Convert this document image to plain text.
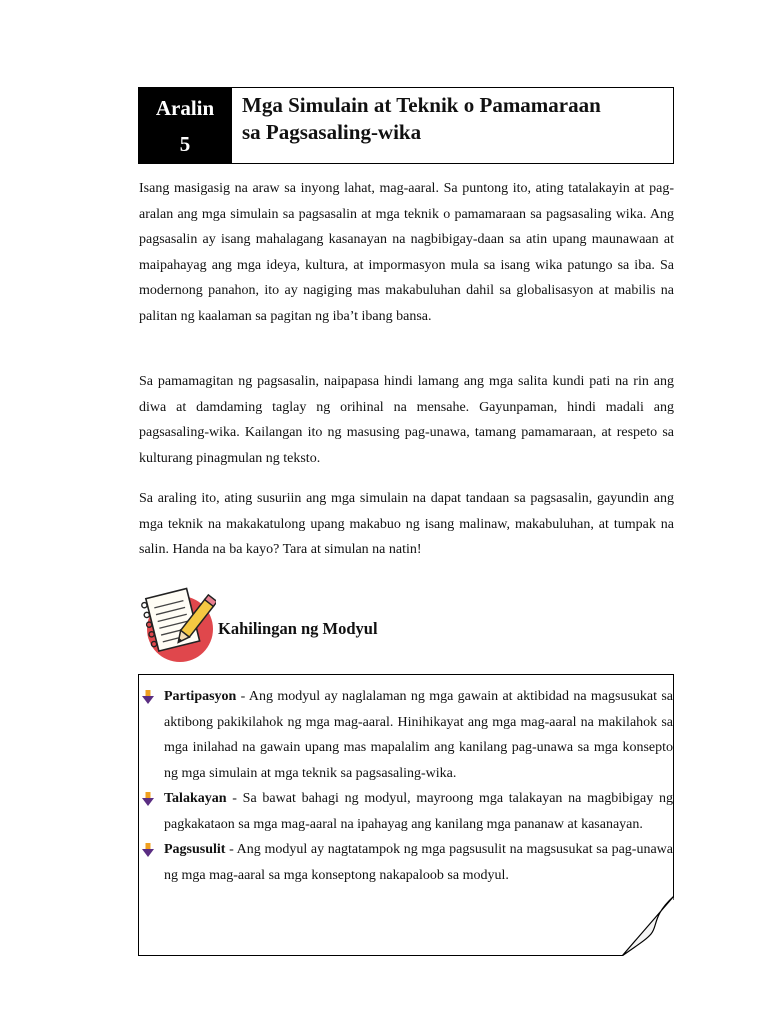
Aralin
5
Mga Simulain at Teknik o Pamamaraan
sa Pagsasaling-wika

Isang masigasig na araw sa inyong lahat, mag-aaral. Sa puntong ito, ating tatalakayin at pag-aralan ang mga simulain sa pagsasalin at mga teknik o pamamaraan sa pagsasaling wika. Ang pagsasalin ay isang mahalagang kasanayan na nagbibigay-daan sa atin upang maunawaan at maipahayag ang mga ideya, kultura, at impormasyon mula sa isang wika patungo sa iba. Sa modernong panahon, ito ay nagiging mas makabuluhan dahil sa globalisasyon at mabilis na palitan ng kaalaman sa pagitan ng iba’t ibang bansa.

Sa pamamagitan ng pagsasalin, naipapasa hindi lamang ang mga salita kundi pati na rin ang diwa at damdaming taglay ng orihinal na mensahe. Gayunpaman, hindi madali ang pagsasaling-wika. Kailangan ito ng masusing pag-unawa, tamang pamamaraan, at respeto sa kulturang pinagmulan ng teksto.

Sa araling ito, ating susuriin ang mga simulain na dapat tandaan sa pagsasalin, gayundin ang mga teknik na makakatulong upang makabuo ng isang malinaw, makabuluhan, at tumpak na salin. Handa na ba kayo? Tara at simulan na natin!

Kahilingan ng Modyul
Partipasyon - Ang modyul ay naglalaman ng mga gawain at aktibidad na magsusukat sa aktibong pakikilahok ng mga mag-aaral. Hinihikayat ang mga mag-aaral na makilahok sa mga inilahad na gawain upang mas mapalalim ang kanilang pag-unawa sa mga konsepto ng mga simulain at mga teknik sa pagsasaling-wika.
Talakayan - Sa bawat bahagi ng modyul, mayroong mga talakayan na magbibigay ng pagkakataon sa mga mag-aaral na ipahayag ang kanilang mga pananaw at kasanayan.
Pagsusulit - Ang modyul ay nagtatampok ng mga pagsusulit na magsusukat sa pag-unawa ng mga mag-aaral sa mga konseptong nakapaloob sa modyul.
